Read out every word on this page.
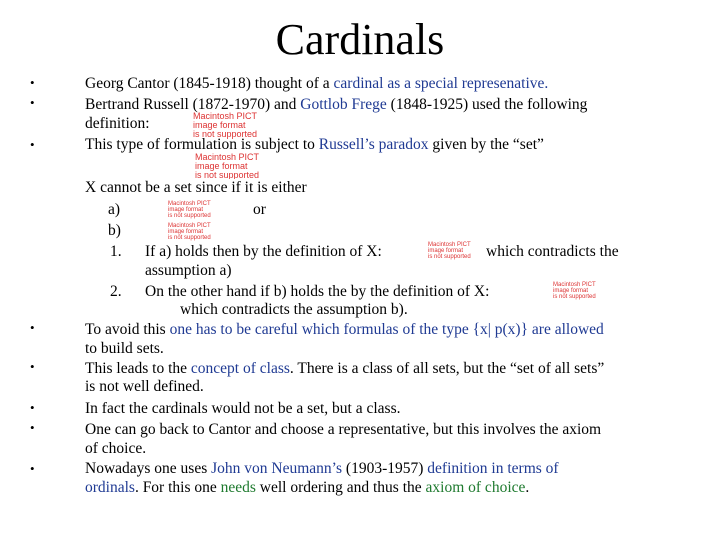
Cardinals
•
•
•
•
•
•
•
•
Georg Cantor (1845-1918) thought of a cardinal as a special represenative.
Bertrand Russell (1872-1970) and Gottlob Frege (1848-1925) used the following
definition:	Macintosh PICT
image format
is not supported
This type of formulation is subject to Russell’s paradox given by the “set”
Macintosh PICT
image format
is not supported
X cannot be a set since if it is either
a)	Macintosh PICT
image format
is not supported	or
b)	Macintosh PICT
image format
is not supported
1. If a) holds then by the definition of X:	Macintosh PICT
image format
is not supported which contradicts the
assumption a)
2. On the other hand if b) holds the by the definition of X:	Macintosh PICT
image format
is not supported
which contradicts the assumption b).
To avoid this one has to be careful which formulas of the type {x| p(x)} are allowed
to build sets.
This leads to the concept of class. There is a class of all sets, but the “set of all sets”
is not well defined.
In fact the cardinals would not be a set, but a class.
One can go back to Cantor and choose a representative, but this involves the axiom
of choice.
Nowadays one uses John von Neumann’s (1903-1957) definition in terms of
ordinals. For this one needs well ordering and thus the axiom of choice.
